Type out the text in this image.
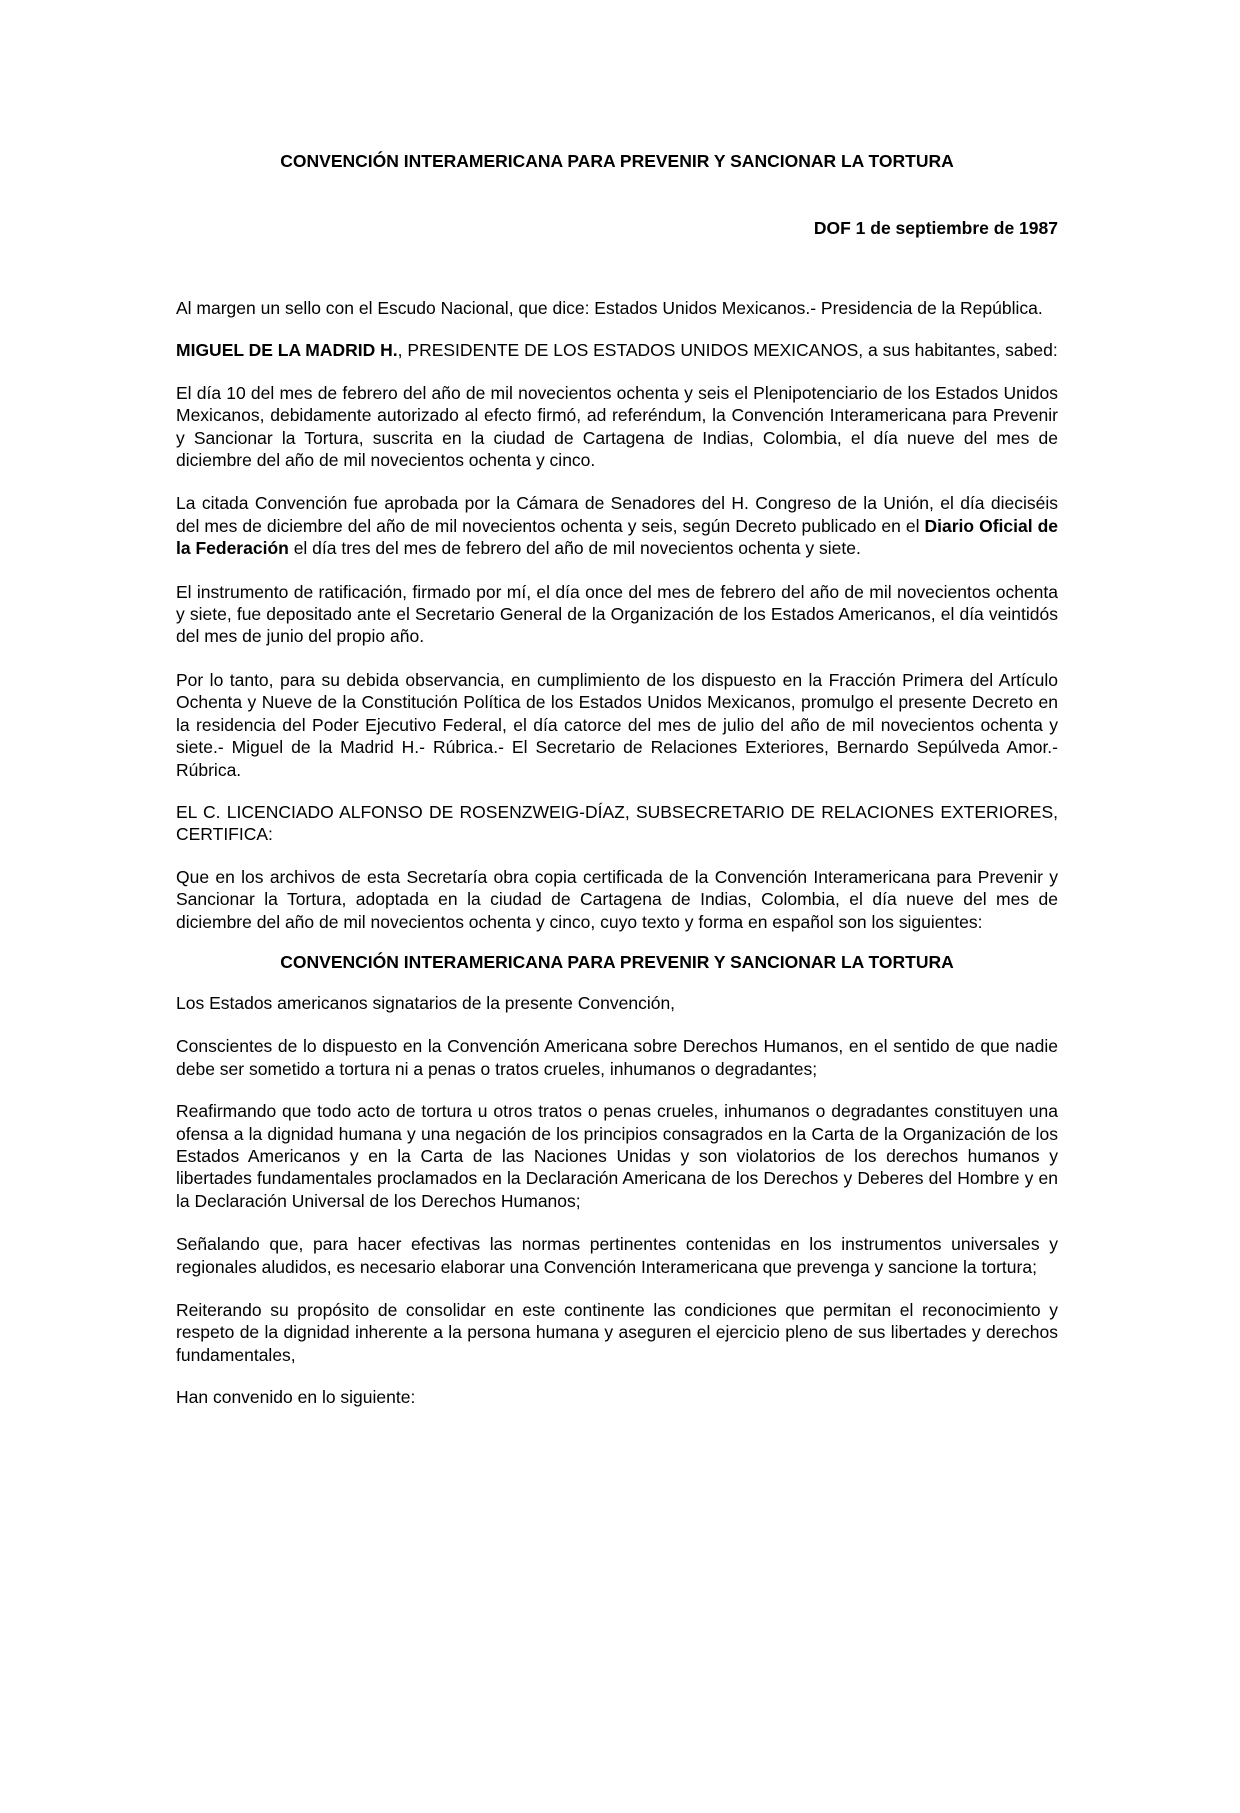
CONVENCIÓN INTERAMERICANA PARA PREVENIR Y SANCIONAR LA TORTURA
DOF 1 de septiembre de 1987

Al margen un sello con el Escudo Nacional, que dice: Estados Unidos Mexicanos.- Presidencia de la República.

MIGUEL DE LA MADRID H., PRESIDENTE DE LOS ESTADOS UNIDOS MEXICANOS, a sus habitantes, sabed:

El día 10 del mes de febrero del año de mil novecientos ochenta y seis el Plenipotenciario de los Estados Unidos Mexicanos, debidamente autorizado al efecto firmó, ad referéndum, la Convención Interamericana para Prevenir y Sancionar la Tortura, suscrita en la ciudad de Cartagena de Indias, Colombia, el día nueve del mes de diciembre del año de mil novecientos ochenta y cinco.

La citada Convención fue aprobada por la Cámara de Senadores del H. Congreso de la Unión, el día dieciséis del mes de diciembre del año de mil novecientos ochenta y seis, según Decreto publicado en el Diario Oficial de la Federación el día tres del mes de febrero del año de mil novecientos ochenta y siete.

El instrumento de ratificación, firmado por mí, el día once del mes de febrero del año de mil novecientos ochenta y siete, fue depositado ante el Secretario General de la Organización de los Estados Americanos, el día veintidós del mes de junio del propio año.

Por lo tanto, para su debida observancia, en cumplimiento de los dispuesto en la Fracción Primera del Artículo Ochenta y Nueve de la Constitución Política de los Estados Unidos Mexicanos, promulgo el presente Decreto en la residencia del Poder Ejecutivo Federal, el día catorce del mes de julio del año de mil novecientos ochenta y siete.- Miguel de la Madrid H.- Rúbrica.- El Secretario de Relaciones Exteriores, Bernardo Sepúlveda Amor.- Rúbrica.

EL C. LICENCIADO ALFONSO DE ROSENZWEIG-DÍAZ, SUBSECRETARIO DE RELACIONES EXTERIORES, CERTIFICA:

Que en los archivos de esta Secretaría obra copia certificada de la Convención Interamericana para Prevenir y Sancionar la Tortura, adoptada en la ciudad de Cartagena de Indias, Colombia, el día nueve del mes de diciembre del año de mil novecientos ochenta y cinco, cuyo texto y forma en español son los siguientes:

CONVENCIÓN INTERAMERICANA PARA PREVENIR Y SANCIONAR LA TORTURA

Los Estados americanos signatarios de la presente Convención,

Conscientes de lo dispuesto en la Convención Americana sobre Derechos Humanos, en el sentido de que nadie debe ser sometido a tortura ni a penas o tratos crueles, inhumanos o degradantes;

Reafirmando que todo acto de tortura u otros tratos o penas crueles, inhumanos o degradantes constituyen una ofensa a la dignidad humana y una negación de los principios consagrados en la Carta de la Organización de los Estados Americanos y en la Carta de las Naciones Unidas y son violatorios de los derechos humanos y libertades fundamentales proclamados en la Declaración Americana de los Derechos y Deberes del Hombre y en la Declaración Universal de los Derechos Humanos;

Señalando que, para hacer efectivas las normas pertinentes contenidas en los instrumentos universales y regionales aludidos, es necesario elaborar una Convención Interamericana que prevenga y sancione la tortura;

Reiterando su propósito de consolidar en este continente las condiciones que permitan el reconocimiento y respeto de la dignidad inherente a la persona humana y aseguren el ejercicio pleno de sus libertades y derechos fundamentales,

Han convenido en lo siguiente:
